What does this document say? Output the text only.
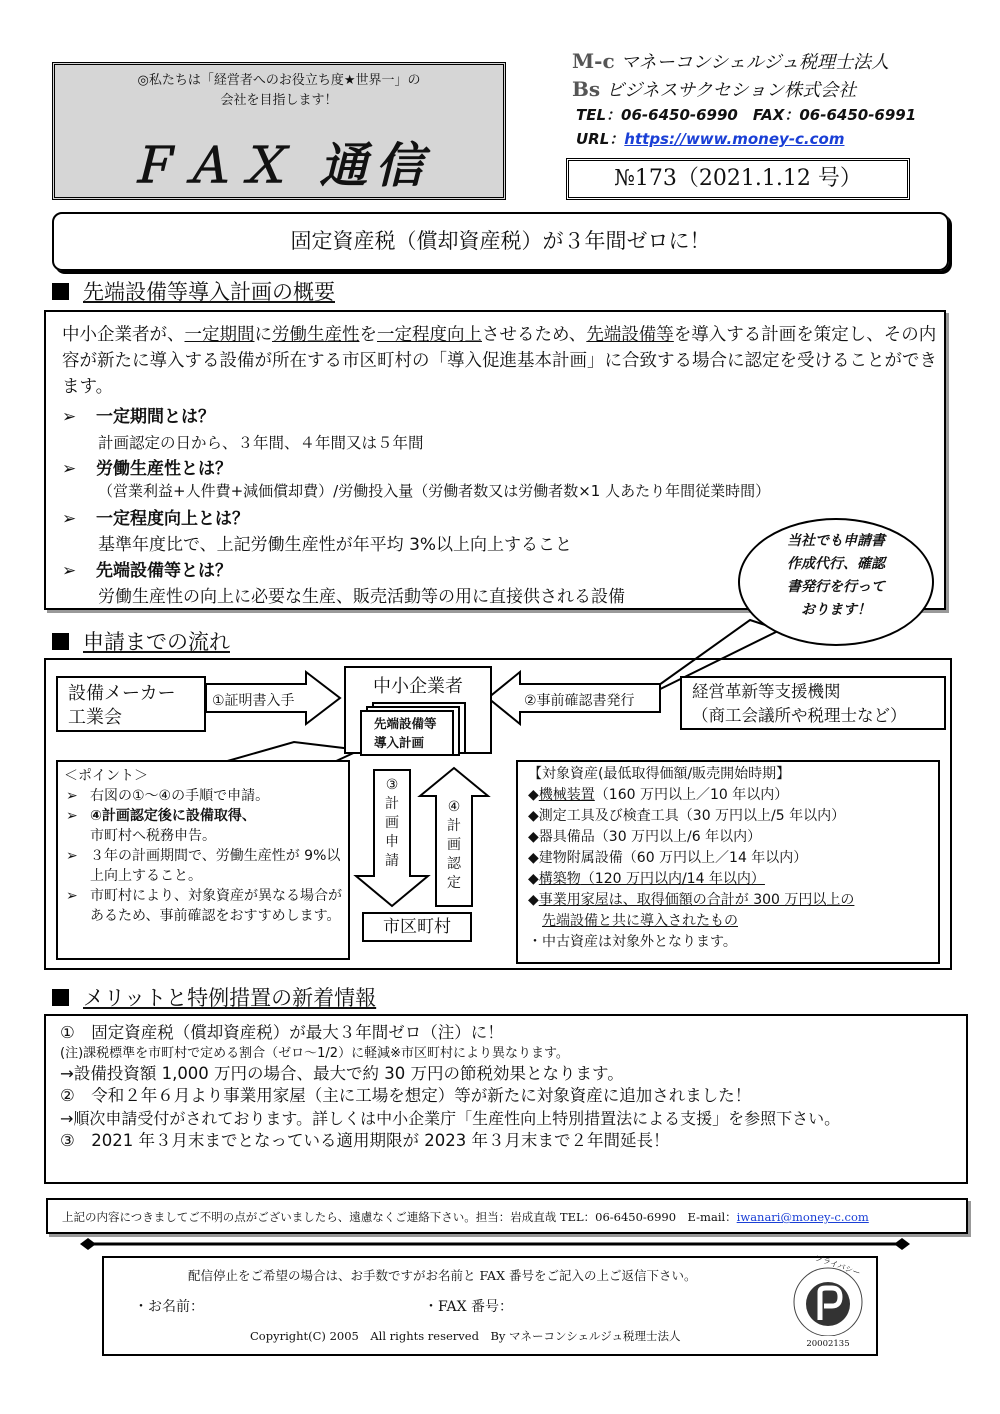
◎私たちは「経営者へのお役立ち度★世界一」の
会社を目指します！
ＦＡＸ 通信
M-c マネーコンシェルジュ税理士法人
Bs ビジネスサクセション株式会社
TEL：06-6450-6990　FAX：06-6450-6991
URL：https://www.money-c.com
№173（2021.1.12 号）
固定資産税（償却資産税）が３年間ゼロに！
先端設備等導入計画の概要
中小企業者が、一定期間に労働生産性を一定程度向上させるため、先端設備等を導入する計画を策定し、その内容が新たに導入する設備が所在する市区町村の「導入促進基本計画」に合致する場合に認定を受けることができます。
➢ 一定期間とは？
計画認定の日から、３年間、４年間又は５年間
➢ 労働生産性とは？
（営業利益+人件費+減価償却費）/労働投入量（労働者数又は労働者数×1 人あたり年間従業時間）
➢ 一定程度向上とは？
基準年度比で、上記労働生産性が年平均 3%以上向上すること
➢ 先端設備等とは？
労働生産性の向上に必要な生産、販売活動等の用に直接供される設備
当社でも申請書
作成代行、確認
書発行を行って
おります！
申請までの流れ
③計画申請
④計画認定
①証明書入手	②事前確認書発行
設備メーカー
工業会
中小企業者
先端設備等
導入計画
経営革新等支援機関
（商工会議所や税理士など）
＜ポイント＞
➢ 右図の①～④の手順で申請。
➢ ④計画認定後に設備取得、
市町村へ税務申告。
➢ ３年の計画期間で、労働生産性が 9%以上向上すること。
➢ 市町村により、対象資産が異なる場合があるため、事前確認をおすすめします。
市区町村
【対象資産(最低取得価額/販売開始時期】
◆機械装置（160 万円以上／10 年以内）
◆測定工具及び検査工具（30 万円以上/5 年以内）
◆器具備品（30 万円以上/6 年以内）
◆建物附属設備（60 万円以上／14 年以内）
◆構築物（120 万円以内/14 年以内）
◆事業用家屋は、取得価額の合計が 300 万円以上の
先端設備と共に導入されたもの
・中古資産は対象外となります。
メリットと特例措置の新着情報
①　固定資産税（償却資産税）が最大３年間ゼロ（注）に！
(注)課税標準を市町村で定める割合（ゼロ～1/2）に軽減※市区町村により異なります。
→設備投資額 1,000 万円の場合、最大で約 30 万円の節税効果となります。
②　令和２年６月より事業用家屋（主に工場を想定）等が新たに対象資産に追加されました！
→順次申請受付がされております。詳しくは中小企業庁「生産性向上特別措置法による支援」を参照下さい。
③　2021 年３月末までとなっている適用期限が 2023 年３月末まで２年間延長！
上記の内容につきましてご不明の点がございましたら、遠慮なくご連絡下さい。担当：岩成直哉 TEL：06-6450-6990　E-mail：iwanari@money-c.com
配信停止をご希望の場合は、お手数ですがお名前と FAX 番号をご記入の上ご返信下さい。
・お名前：	・FAX 番号：
Copyright(C) 2005　All rights reserved　By マネーコンシェルジュ税理士法人
プライバシー
20002135
